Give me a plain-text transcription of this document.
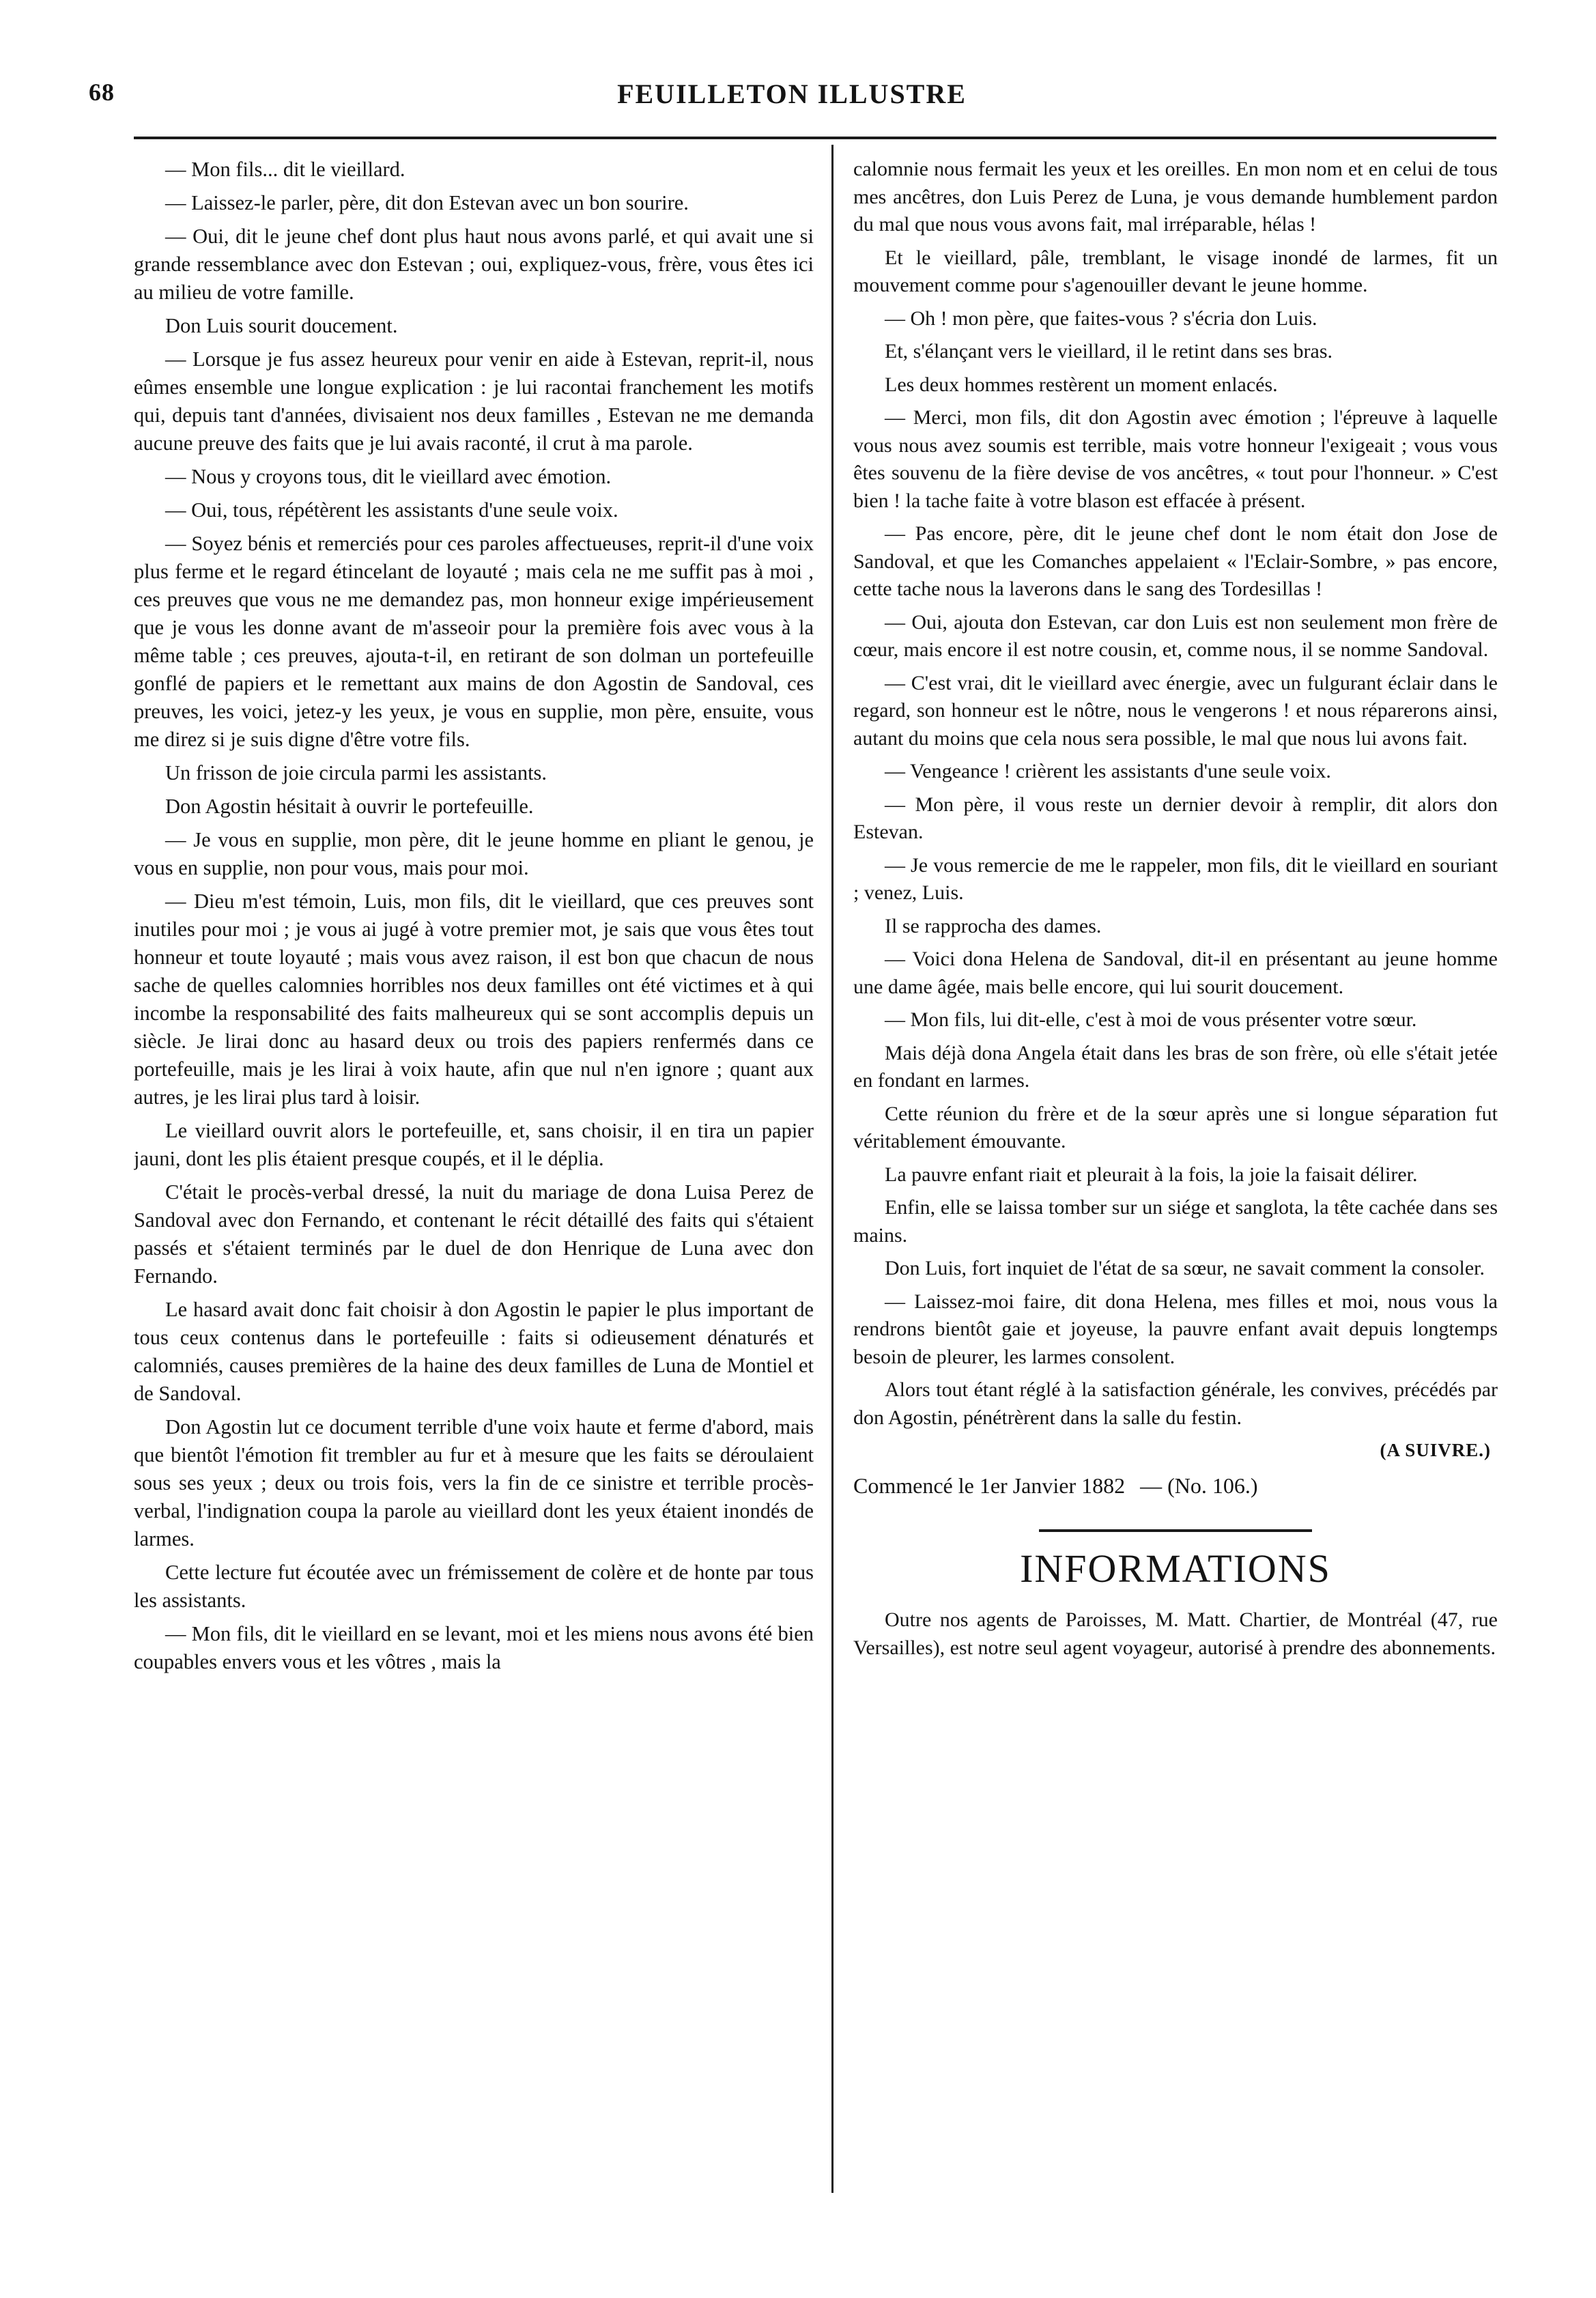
68	FEUILLETON ILLUSTRE

— Mon fils... dit le vieillard.

— Laissez-le parler, père, dit don Estevan avec un bon sourire.

— Oui, dit le jeune chef dont plus haut nous avons parlé, et qui avait une si grande ressemblance avec don Estevan ; oui, expliquez-vous, frère, vous êtes ici au milieu de votre famille.

Don Luis sourit doucement.

— Lorsque je fus assez heureux pour venir en aide à Estevan, reprit-il, nous eûmes ensemble une longue explication : je lui racontai franchement les motifs qui, depuis tant d'années, divisaient nos deux familles , Estevan ne me demanda aucune preuve des faits que je lui avais raconté, il crut à ma parole.

— Nous y croyons tous, dit le vieillard avec émotion.

— Oui, tous, répétèrent les assistants d'une seule voix.

— Soyez bénis et remerciés pour ces paroles affectueuses, reprit-il d'une voix plus ferme et le regard étincelant de loyauté ; mais cela ne me suffit pas à moi , ces preuves que vous ne me demandez pas, mon honneur exige impérieusement que je vous les donne avant de m'asseoir pour la première fois avec vous à la même table ; ces preuves, ajouta-t-il, en retirant de son dolman un portefeuille gonflé de papiers et le remettant aux mains de don Agostin de Sandoval, ces preuves, les voici, jetez-y les yeux, je vous en supplie, mon père, ensuite, vous me direz si je suis digne d'être votre fils.

Un frisson de joie circula parmi les assistants.

Don Agostin hésitait à ouvrir le portefeuille.

— Je vous en supplie, mon père, dit le jeune homme en pliant le genou, je vous en supplie, non pour vous, mais pour moi.

— Dieu m'est témoin, Luis, mon fils, dit le vieillard, que ces preuves sont inutiles pour moi ; je vous ai jugé à votre premier mot, je sais que vous êtes tout honneur et toute loyauté ; mais vous avez raison, il est bon que chacun de nous sache de quelles calomnies horribles nos deux familles ont été victimes et à qui incombe la responsabilité des faits malheureux qui se sont accomplis depuis un siècle. Je lirai donc au hasard deux ou trois des papiers renfermés dans ce portefeuille, mais je les lirai à voix haute, afin que nul n'en ignore ; quant aux autres, je les lirai plus tard à loisir.

Le vieillard ouvrit alors le portefeuille, et, sans choisir, il en tira un papier jauni, dont les plis étaient presque coupés, et il le déplia.

C'était le procès-verbal dressé, la nuit du mariage de dona Luisa Perez de Sandoval avec don Fernando, et contenant le récit détaillé des faits qui s'étaient passés et s'étaient terminés par le duel de don Henrique de Luna avec don Fernando.

Le hasard avait donc fait choisir à don Agostin le papier le plus important de tous ceux contenus dans le portefeuille : faits si odieusement dénaturés et calomniés, causes premières de la haine des deux familles de Luna de Montiel et de Sandoval.

Don Agostin lut ce document terrible d'une voix haute et ferme d'abord, mais que bientôt l'émotion fit trembler au fur et à mesure que les faits se déroulaient sous ses yeux ; deux ou trois fois, vers la fin de ce sinistre et terrible procès-verbal, l'indignation coupa la parole au vieillard dont les yeux étaient inondés de larmes.

Cette lecture fut écoutée avec un frémissement de colère et de honte par tous les assistants.

— Mon fils, dit le vieillard en se levant, moi et les miens nous avons été bien coupables envers vous et les vôtres , mais la

calomnie nous fermait les yeux et les oreilles. En mon nom et en celui de tous mes ancêtres, don Luis Perez de Luna, je vous demande humblement pardon du mal que nous vous avons fait, mal irréparable, hélas !

Et le vieillard, pâle, tremblant, le visage inondé de larmes, fit un mouvement comme pour s'agenouiller devant le jeune homme.

— Oh ! mon père, que faites-vous ? s'écria don Luis.

Et, s'élançant vers le vieillard, il le retint dans ses bras.

Les deux hommes restèrent un moment enlacés.

— Merci, mon fils, dit don Agostin avec émotion ; l'épreuve à laquelle vous nous avez soumis est terrible, mais votre honneur l'exigeait ; vous vous êtes souvenu de la fière devise de vos ancêtres, « tout pour l'honneur. » C'est bien ! la tache faite à votre blason est effacée à présent.

— Pas encore, père, dit le jeune chef dont le nom était don Jose de Sandoval, et que les Comanches appelaient « l'Eclair-Sombre, » pas encore, cette tache nous la laverons dans le sang des Tordesillas !

— Oui, ajouta don Estevan, car don Luis est non seulement mon frère de cœur, mais encore il est notre cousin, et, comme nous, il se nomme Sandoval.

— C'est vrai, dit le vieillard avec énergie, avec un fulgurant éclair dans le regard, son honneur est le nôtre, nous le vengerons ! et nous réparerons ainsi, autant du moins que cela nous sera possible, le mal que nous lui avons fait.

— Vengeance ! crièrent les assistants d'une seule voix.

— Mon père, il vous reste un dernier devoir à remplir, dit alors don Estevan.

— Je vous remercie de me le rappeler, mon fils, dit le vieillard en souriant ; venez, Luis.

Il se rapprocha des dames.

— Voici dona Helena de Sandoval, dit-il en présentant au jeune homme une dame âgée, mais belle encore, qui lui sourit doucement.

— Mon fils, lui dit-elle, c'est à moi de vous présenter votre sœur.

Mais déjà dona Angela était dans les bras de son frère, où elle s'était jetée en fondant en larmes.

Cette réunion du frère et de la sœur après une si longue séparation fut véritablement émouvante.

La pauvre enfant riait et pleurait à la fois, la joie la faisait délirer.

Enfin, elle se laissa tomber sur un siége et sanglota, la tête cachée dans ses mains.

Don Luis, fort inquiet de l'état de sa sœur, ne savait comment la consoler.

— Laissez-moi faire, dit dona Helena, mes filles et moi, nous vous la rendrons bientôt gaie et joyeuse, la pauvre enfant avait depuis longtemps besoin de pleurer, les larmes consolent.

Alors tout étant réglé à la satisfaction générale, les convives, précédés par don Agostin, pénétrèrent dans la salle du festin.

(A SUIVRE.)
Commencé le 1er Janvier 1882 — (No. 106.)
INFORMATIONS

Outre nos agents de Paroisses, M. Matt. Chartier, de Montréal (47, rue Versailles), est notre seul agent voyageur, autorisé à prendre des abonnements.
